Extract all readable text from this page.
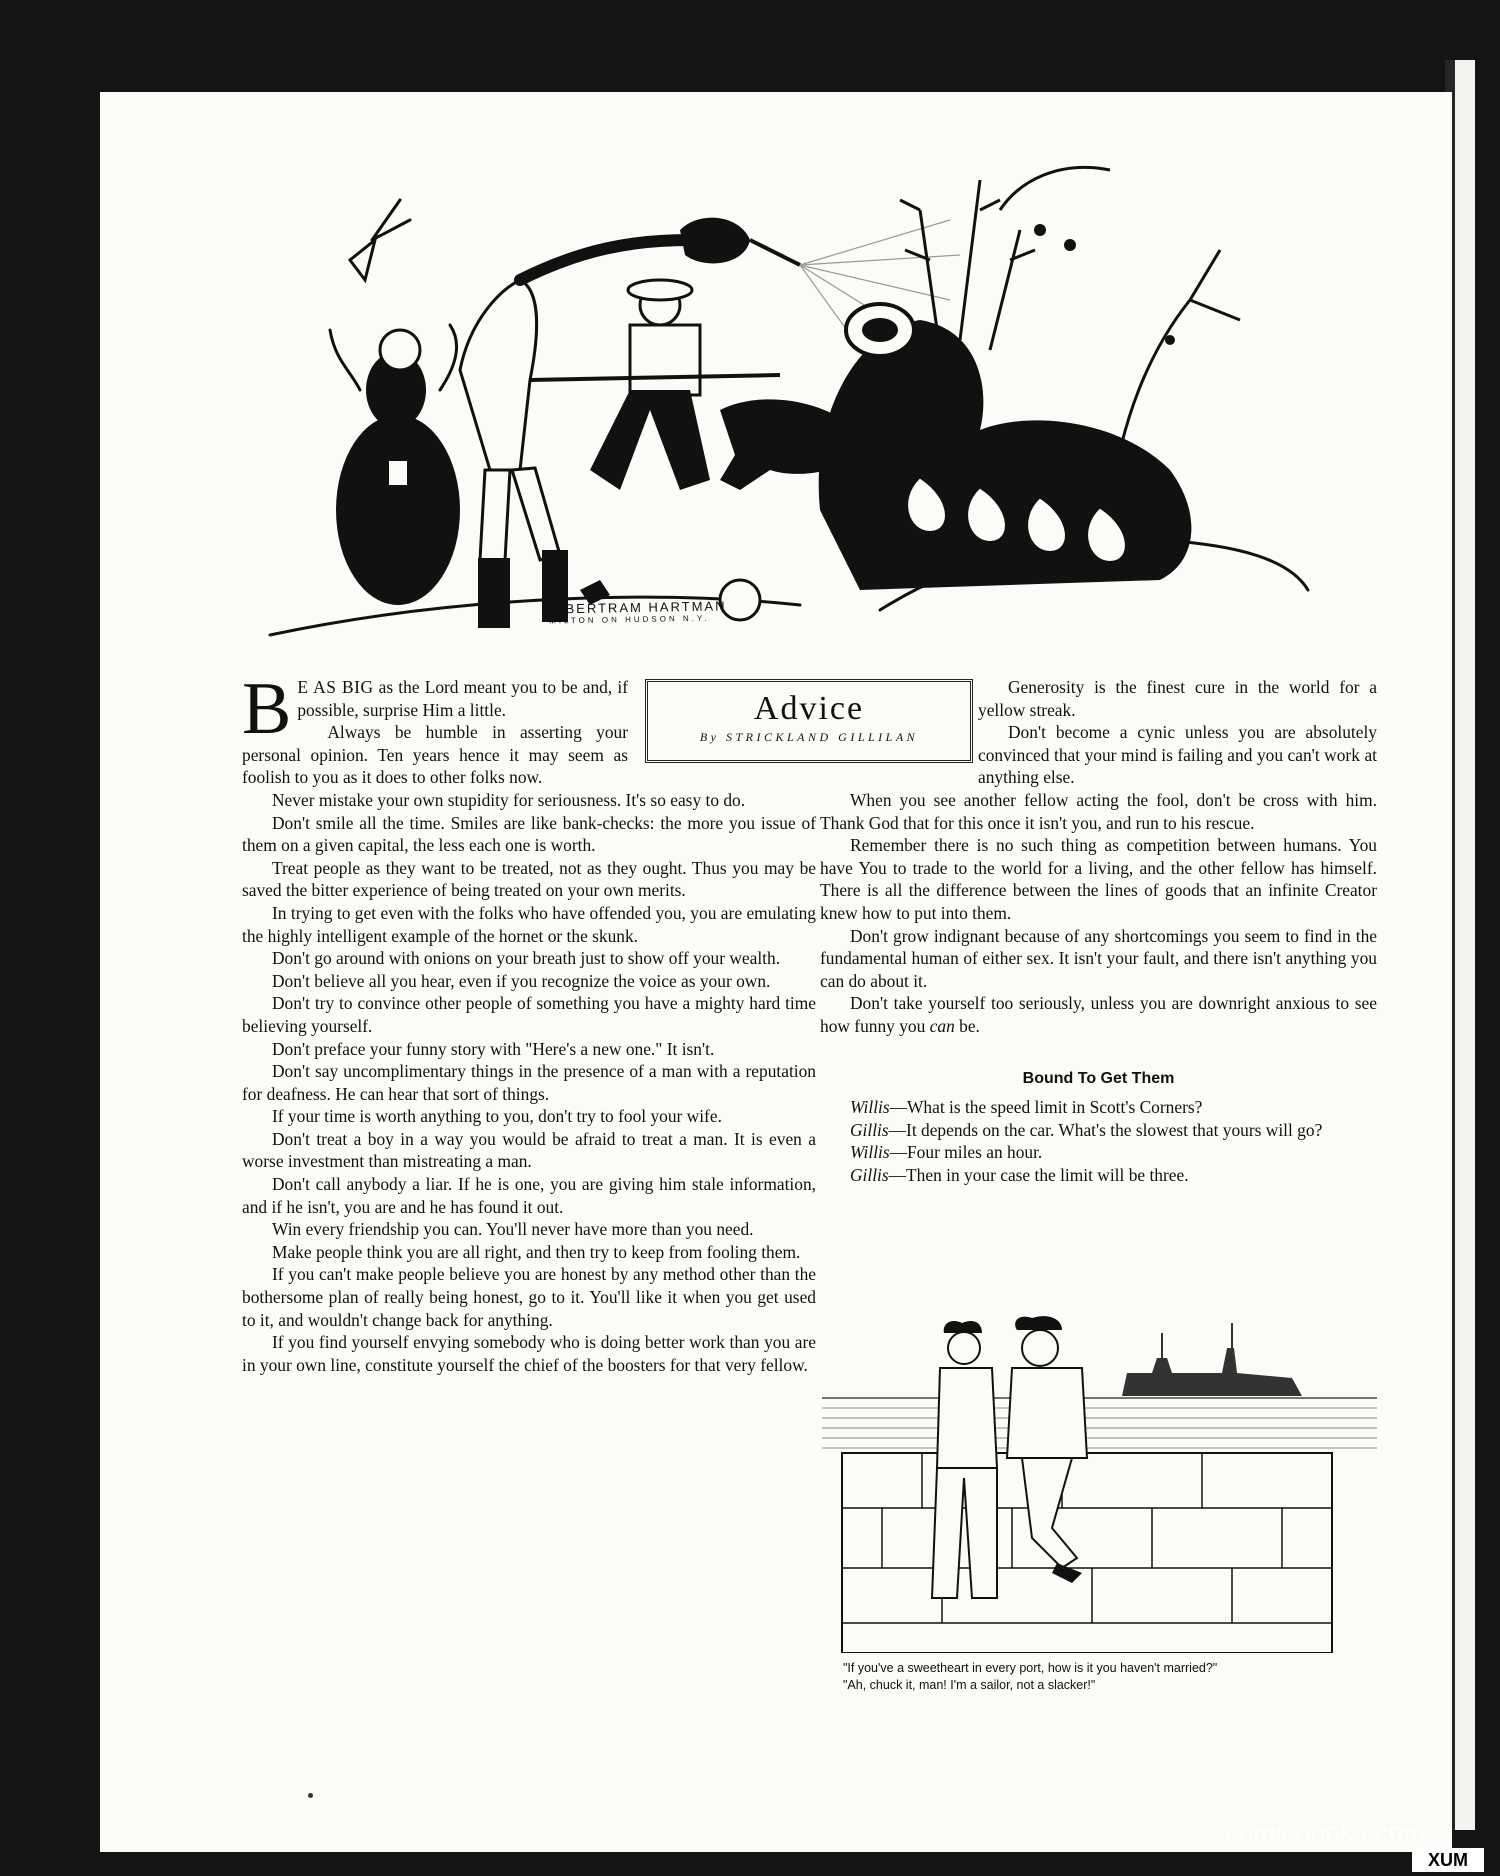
C. BERTRAM HARTMAN
MILTON ON HUDSON N.Y.
Advice
By STRICKLAND GILLILAN

B E AS BIG as the Lord meant you to be and, if possible, surprise Him a little.

Always be humble in asserting your personal opinion. Ten years hence it may seem as foolish to you as it does to other folks now.

Never mistake your own stupidity for seriousness. It's so easy to do.

Don't smile all the time. Smiles are like bank-checks: the more you issue of them on a given capital, the less each one is worth.

Treat people as they want to be treated, not as they ought. Thus you may be saved the bitter experience of being treated on your own merits.

In trying to get even with the folks who have offended you, you are emulating the highly intelligent example of the hornet or the skunk.

Don't go around with onions on your breath just to show off your wealth.

Don't believe all you hear, even if you recognize the voice as your own.

Don't try to convince other people of something you have a mighty hard time believing yourself.

Don't preface your funny story with "Here's a new one." It isn't.

Don't say uncomplimentary things in the presence of a man with a reputation for deafness. He can hear that sort of things.

If your time is worth anything to you, don't try to fool your wife.

Don't treat a boy in a way you would be afraid to treat a man. It is even a worse investment than mistreating a man.

Don't call anybody a liar. If he is one, you are giving him stale information, and if he isn't, you are and he has found it out.

Win every friendship you can. You'll never have more than you need.

Make people think you are all right, and then try to keep from fooling them.

If you can't make people believe you are honest by any method other than the bothersome plan of really being honest, go to it. You'll like it when you get used to it, and wouldn't change back for anything.

If you find yourself envying somebody who is doing better work than you are in your own line, constitute yourself the chief of the boosters for that very fellow.

Generosity is the finest cure in the world for a yellow streak.

Don't become a cynic unless you are absolutely convinced that your mind is failing and you can't work at anything else.

When you see another fellow acting the fool, don't be cross with him. Thank God that for this once it isn't you, and run to his rescue.

Remember there is no such thing as competition between humans. You have You to trade to the world for a living, and the other fellow has himself. There is all the difference between the lines of goods that an infinite Creator knew how to put into them.

Don't grow indignant because of any shortcomings you seem to find in the fundamental human of either sex. It isn't your fault, and there isn't anything you can do about it.

Don't take yourself too seriously, unless you are downright anxious to see how funny you can be.

Bound To Get Them

Willis—What is the speed limit in Scott's Corners?

Gillis—It depends on the car. What's the slowest that yours will go?

Willis—Four miles an hour.

Gillis—Then in your case the limit will be three.

"If you've a sweetheart in every port, how is it you haven't married?"
"Ah, chuck it, man! I'm a sailor, not a slacker!"
comicbooks.com
XUM
